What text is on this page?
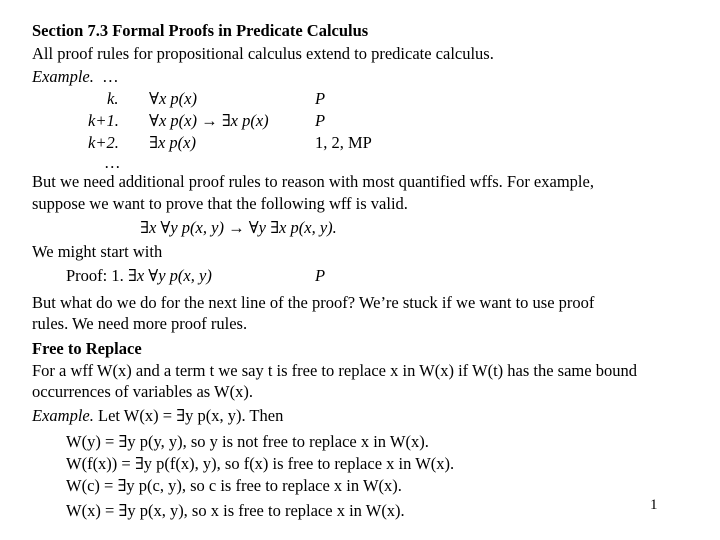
Section 7.3 Formal Proofs in Predicate Calculus
All proof rules for propositional calculus extend to predicate calculus.
Example. …
k. ∀x p(x)	P
k+1. ∀x p(x) → ∃x p(x)	P
k+2. ∃x p(x)	1, 2, MP
…
But we need additional proof rules to reason with most quantified wffs. For example,
suppose we want to prove that the following wff is valid.
∃x ∀y p(x, y) → ∀y ∃x p(x, y).
We might start with
Proof: 1. ∃x ∀y p(x, y)	P
But what do we do for the next line of the proof? We’re stuck if we want to use proof
rules. We need more proof rules.
Free to Replace
For a wff W(x) and a term t we say t is free to replace x in W(x) if W(t) has the same bound
occurrences of variables as W(x).
Example. Let W(x) = ∃y p(x, y). Then
W(y) = ∃y p(y, y), so y is not free to replace x in W(x).
W(f(x)) = ∃y p(f(x), y), so f(x) is free to replace x in W(x).
W(c) = ∃y p(c, y), so c is free to replace x in W(x).
W(x) = ∃y p(x, y), so x is free to replace x in W(x).	1
